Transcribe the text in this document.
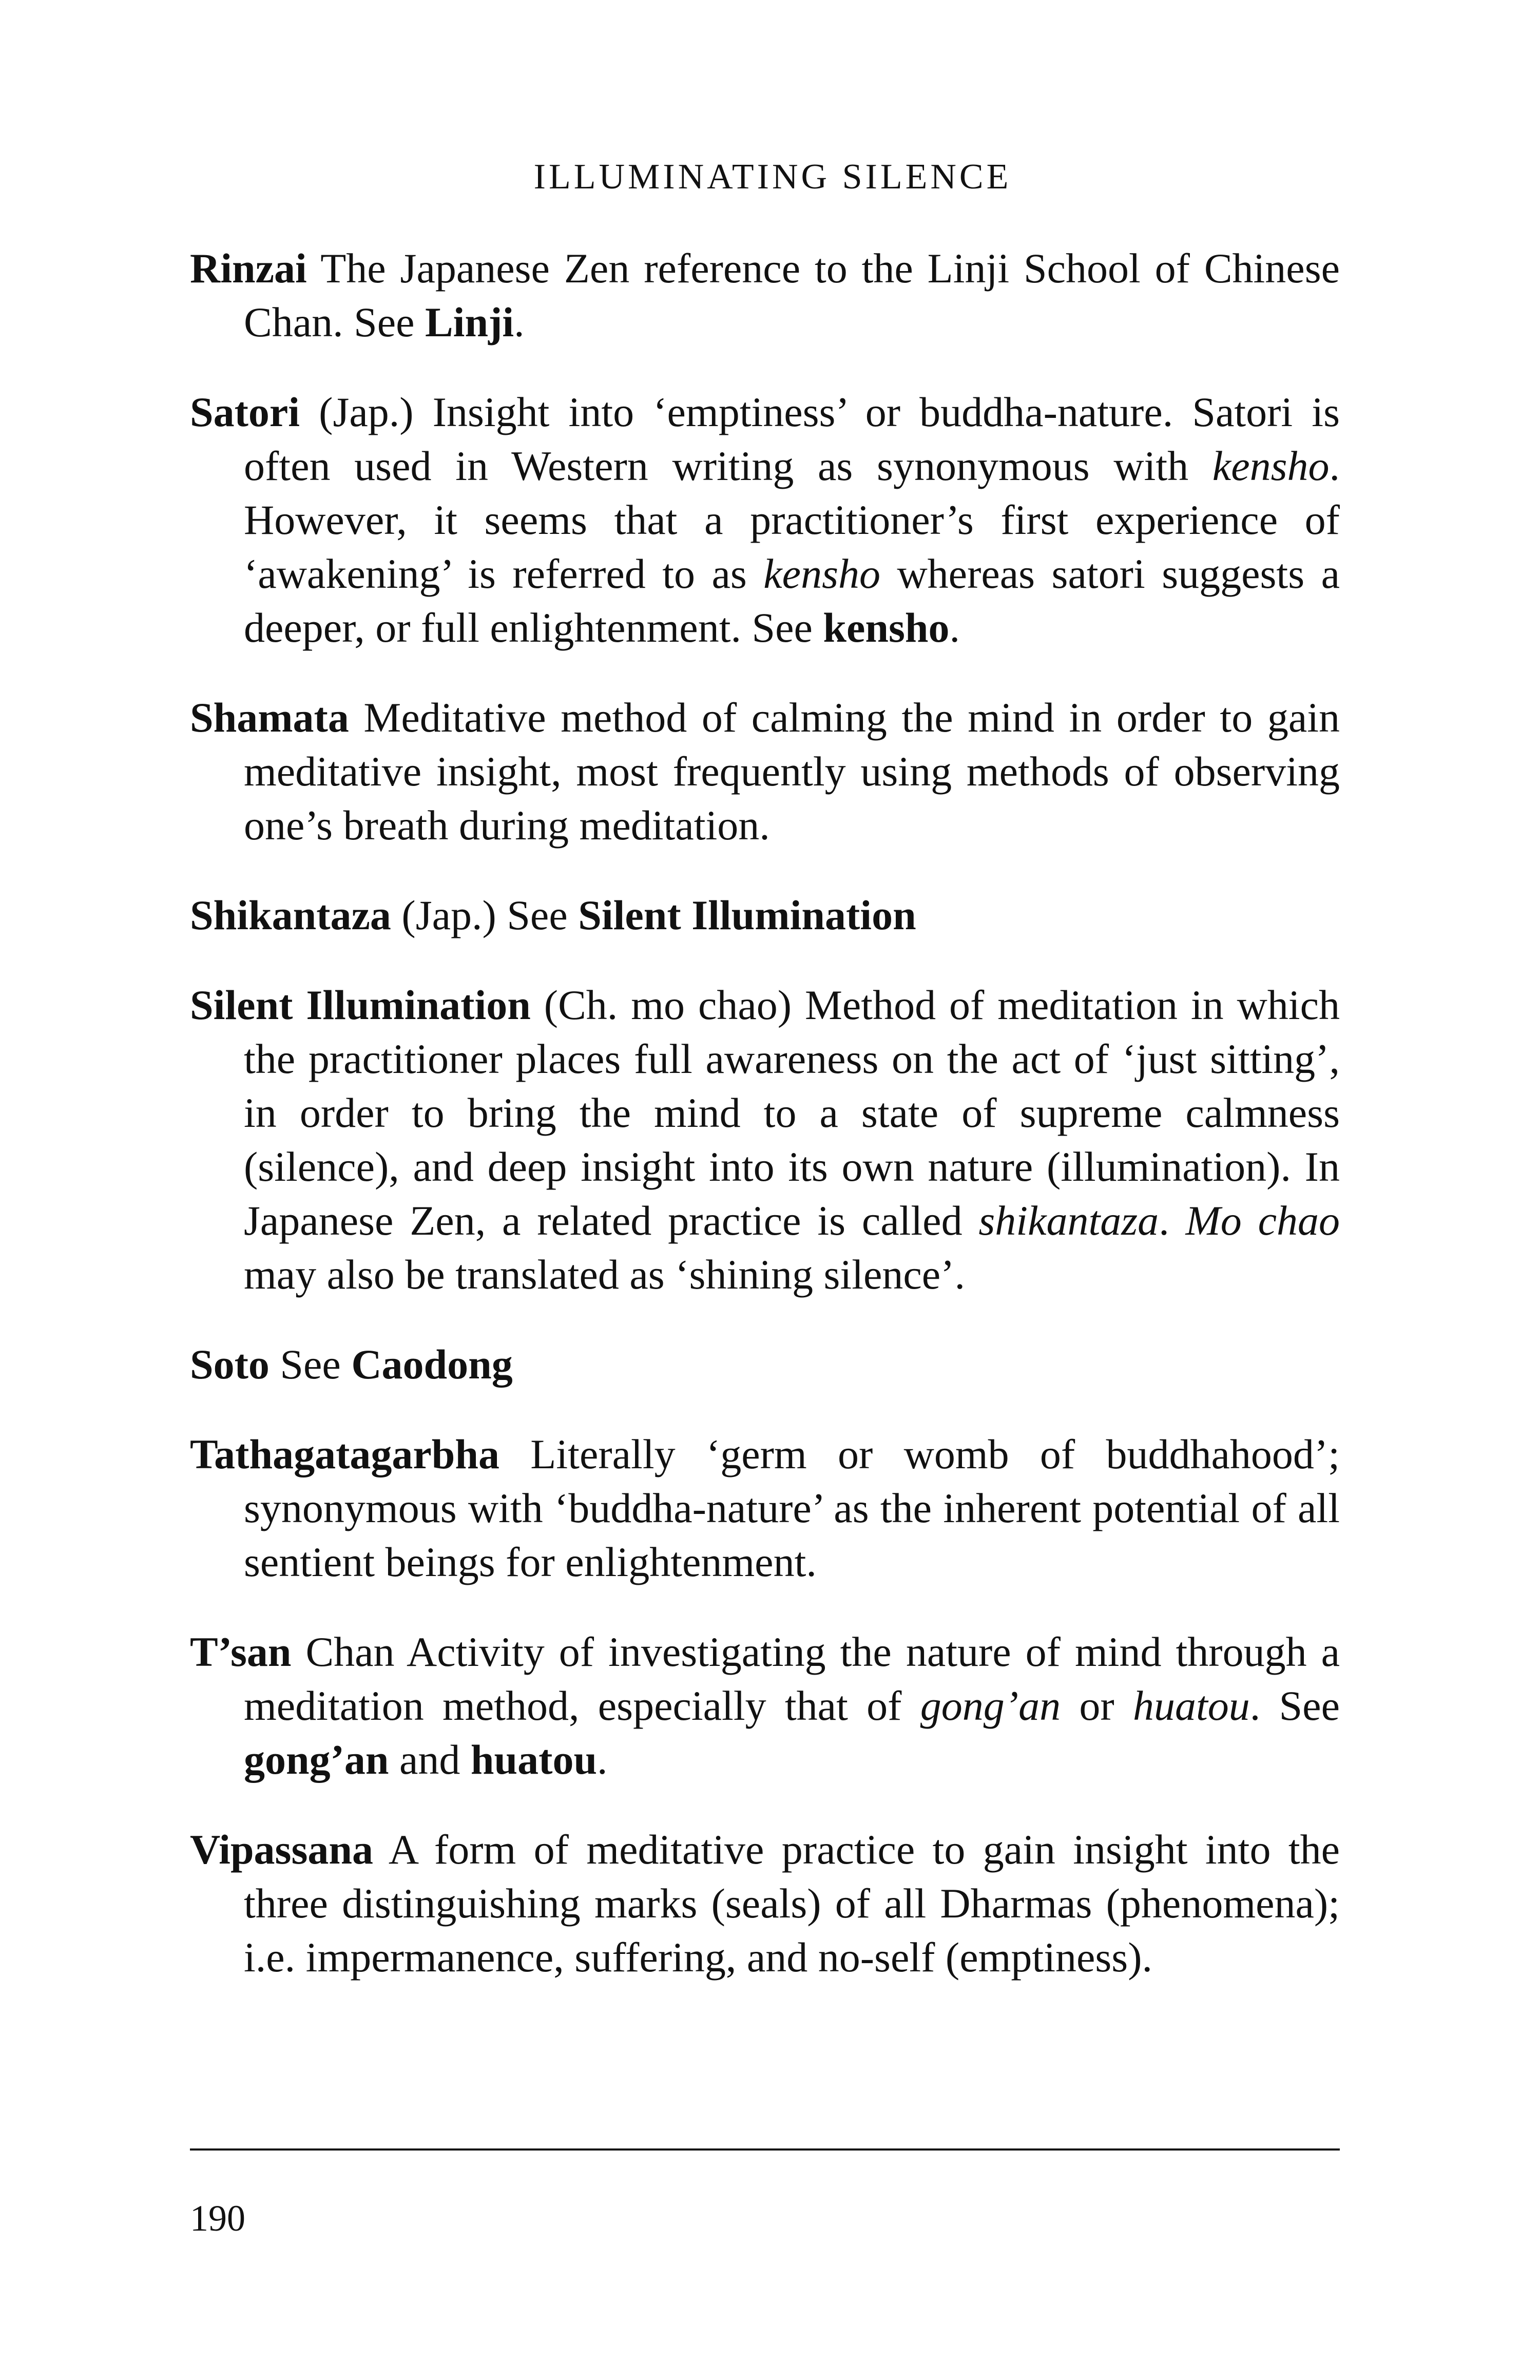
ILLUMINATING SILENCE

Rinzai The Japanese Zen reference to the Linji School of Chinese Chan. See Linji.

Satori (Jap.) Insight into ‘emptiness’ or buddha-nature. Satori is often used in Western writing as synonymous with kensho. However, it seems that a practitioner’s first experience of ‘awakening’ is referred to as kensho whereas satori suggests a deeper, or full enlightenment. See kensho.

Shamata Meditative method of calming the mind in order to gain meditative insight, most frequently using methods of observing one’s breath during meditation.

Shikantaza (Jap.) See Silent Illumination

Silent Illumination (Ch. mo chao) Method of meditation in which the practitioner places full awareness on the act of ‘just sitting’, in order to bring the mind to a state of supreme calmness (silence), and deep insight into its own nature (illumination). In Japanese Zen, a related practice is called shikantaza. Mo chao may also be translated as ‘shining silence’.

Soto See Caodong

Tathagatagarbha Literally ‘germ or womb of buddhahood’; synonymous with ‘buddha-nature’ as the inherent potential of all sentient beings for enlightenment.

T’san Chan Activity of investigating the nature of mind through a meditation method, especially that of gong’an or huatou. See gong’an and huatou.

Vipassana A form of meditative practice to gain insight into the three distinguishing marks (seals) of all Dharmas (phenomena); i.e. impermanence, suffering, and no-self (emptiness).

190
